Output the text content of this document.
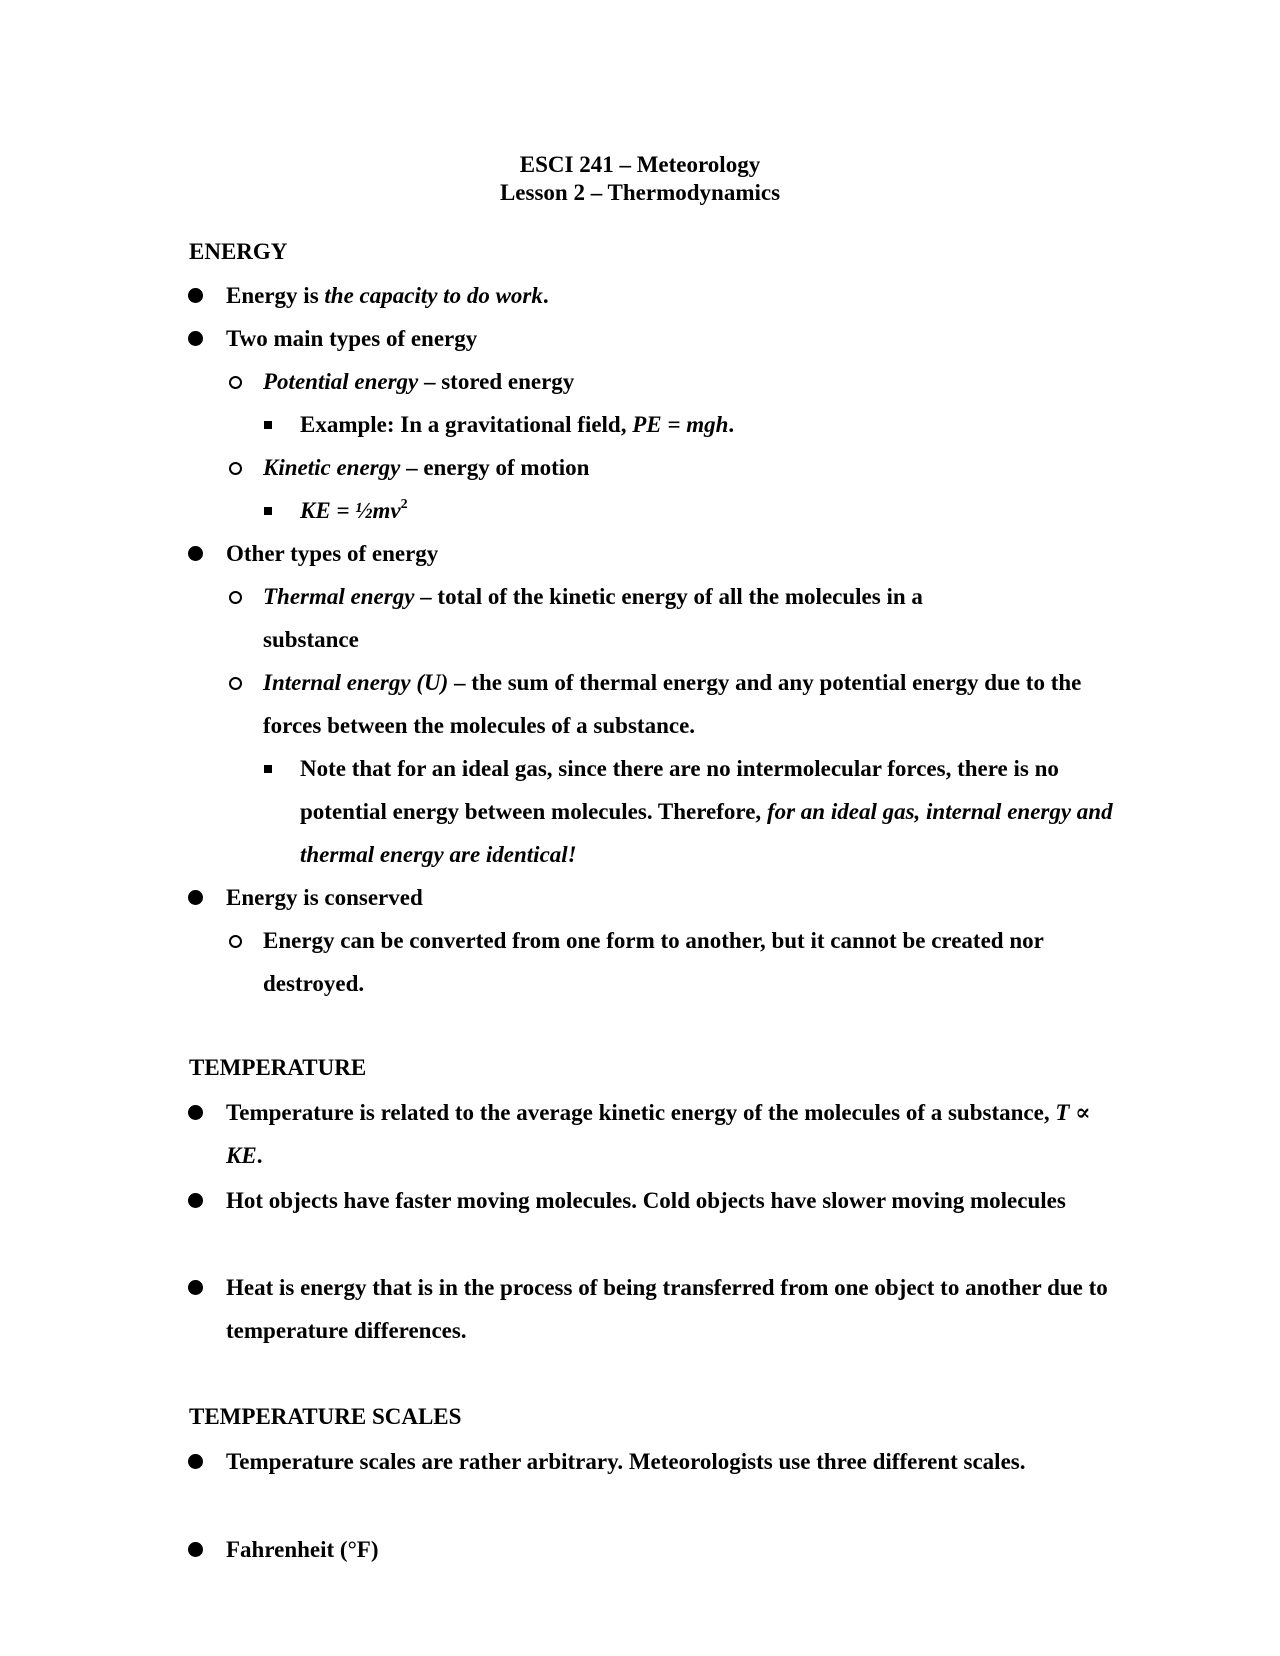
ESCI 241 – Meteorology
Lesson 2 – Thermodynamics
ENERGY
Energy is the capacity to do work.
Two main types of energy
Potential energy – stored energy
Example: In a gravitational field, PE = mgh.
Kinetic energy – energy of motion
KE = $\frac{1}{2}mv^2$
Other types of energy
Thermal energy – total of the kinetic energy of all the molecules in a substance
Internal energy (U) – the sum of thermal energy and any potential energy due to the forces between the molecules of a substance.
Note that for an ideal gas, since there are no intermolecular forces, there is no potential energy between molecules. Therefore, for an ideal gas, internal energy and thermal energy are identical!
Energy is conserved
Energy can be converted from one form to another, but it cannot be created nor destroyed.
TEMPERATURE
Temperature is related to the average kinetic energy of the molecules of a substance, T ∝ KE.
Hot objects have faster moving molecules. Cold objects have slower moving molecules
Heat is energy that is in the process of being transferred from one object to another due to temperature differences.
TEMPERATURE SCALES
Temperature scales are rather arbitrary. Meteorologists use three different scales.
Fahrenheit (°F)
